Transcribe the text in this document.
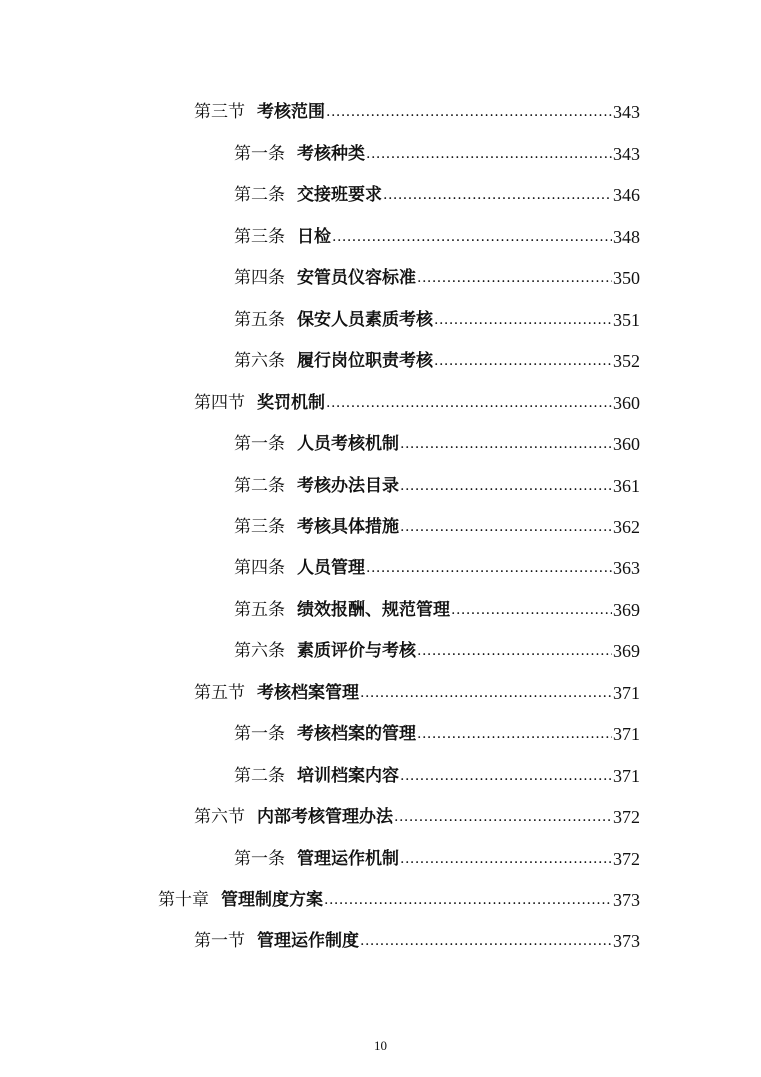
第三节 考核范围 .....	343
第一条 考核种类 .....	343
第二条 交接班要求 .....	346
第三条 日检 .....	348
第四条 安管员仪容标准 .....	350
第五条 保安人员素质考核 .....	351
第六条 履行岗位职责考核 .....	352
第四节 奖罚机制 .....	360
第一条 人员考核机制 .....	360
第二条 考核办法目录 .....	361
第三条 考核具体措施 .....	362
第四条 人员管理 .....	363
第五条 绩效报酬、规范管理 .....	369
第六条 素质评价与考核 .....	369
第五节 考核档案管理 .....	371
第一条 考核档案的管理 .....	371
第二条 培训档案内容 .....	371
第六节 内部考核管理办法 .....	372
第一条 管理运作机制 .....	372
第十章 管理制度方案 .....	373
第一节 管理运作制度 .....	373
10
